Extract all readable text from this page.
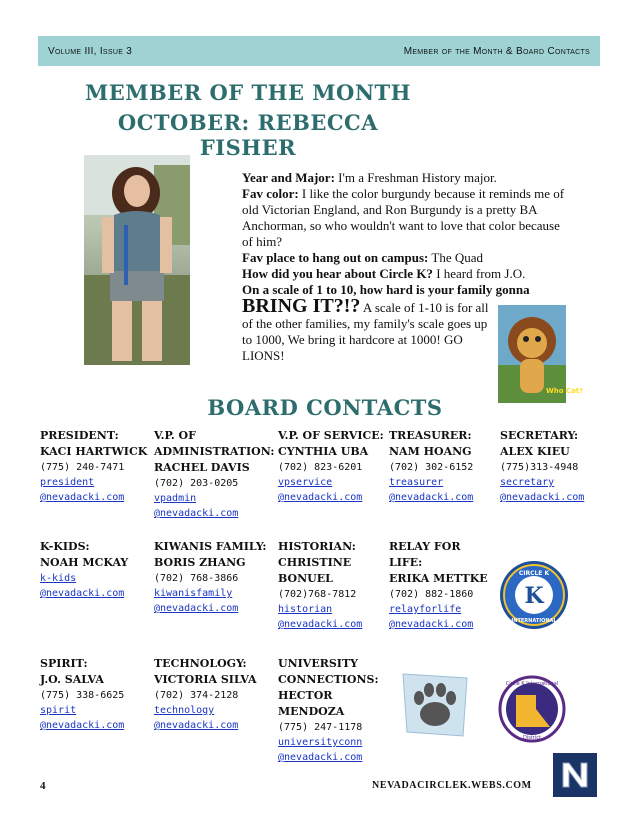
Volume III, Issue 3	Member of the Month & Board Contacts
MEMBER OF THE MONTH
OCTOBER: REBECCA FISHER
Year and Major: I'm a Freshman History major.
Fav color: I like the color burgundy because it reminds me of old Victorian England, and Ron Burgundy is a pretty BA Anchorman, so who wouldn't want to love that color because of him?
Fav place to hang out on campus: The Quad
How did you hear about Circle K? I heard from J.O.
On a scale of 1 to 10, how hard is your family gonna
BRING IT?!? A scale of 1-10 is for all of the other families, my family's scale goes up to 1000, We bring it hardcore at 1000! GO LIONS!
Who Cat?
BOARD CONTACTS
PRESIDENT:
KACI HARTWICK
(775) 240-7471
president
@nevadacki.com
V.P. OF ADMINISTRATION:
RACHEL DAVIS
(702) 203-0205
vpadmin
@nevadacki.com
V.P. OF SERVICE:
CYNTHIA UBA
(702) 823-6201
vpservice
@nevadacki.com
TREASURER:
NAM HOANG
(702) 302-6152
treasurer
@nevadacki.com
SECRETARY:
ALEX KIEU
(775)313-4948
secretary
@nevadacki.com
K-KIDS:
NOAH MCKAY
k-kids
@nevadacki.com
KIWANIS FAMILY:
BORIS ZHANG
(702) 768-3866
kiwanisfamily
@nevadacki.com
HISTORIAN:
CHRISTINE BONUEL
(702)768-7812
historian
@nevadacki.com
RELAY FOR LIFE:
ERIKA METTKE
(702) 882-1860
relayforlife
@nevadacki.com
K
CIRCLE K
INTERNATIONAL
SPIRIT:
J.O. SALVA
(775) 338-6625
spirit
@nevadacki.com
TECHNOLOGY:
VICTORIA SILVA
(702) 374-2128
technology
@nevadacki.com
UNIVERSITY CONNECTIONS:
HECTOR MENDOZA
(775) 247-1178
universityconn
@nevadacki.com
Circle K International
District
4	NEVADACIRCLEK.WEBS.COM
